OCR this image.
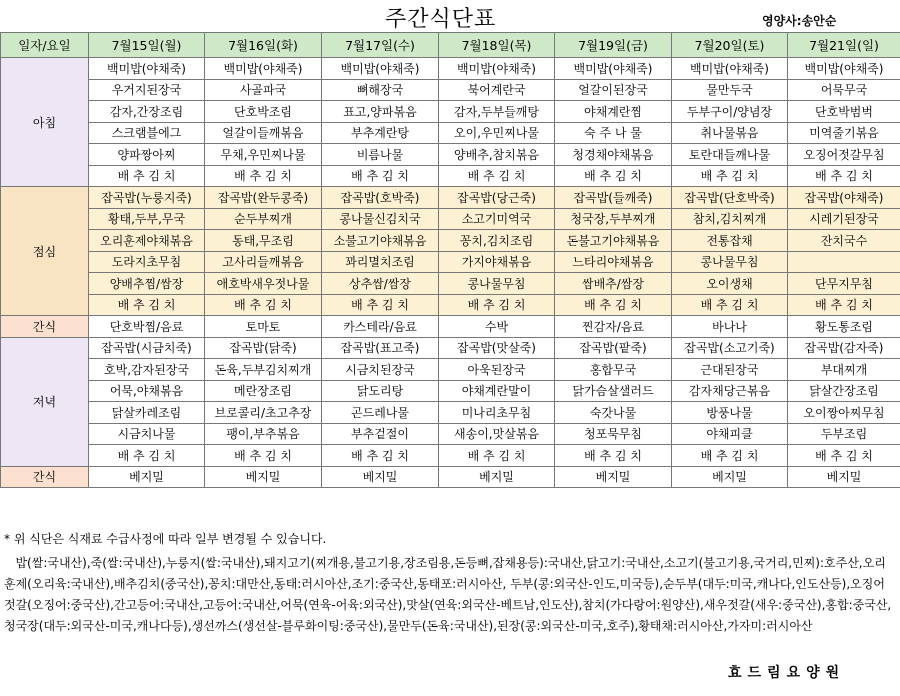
주간식단표	영양사:송안순
일자/요일	7월15일(월)	7월16일(화)	7월17일(수)	7월18일(목)	7월19일(금)	7월20일(토)	7월21일(일)
아침	백미밥(야채죽)	백미밥(야채죽)	백미밥(야채죽)	백미밥(야채죽)	백미밥(야채죽)	백미밥(야채죽)	백미밥(야채죽)
	우거지된장국	사골파국	뼈해장국	북어계란국	얼갈이된장국	물만두국	어묵무국
	감자,간장조림	단호박조림	표고,양파볶음	감자,두부들깨탕	야채계란찜	두부구이/양념장	단호박범벅
	스크램블에그	얼갈이들깨볶음	부추계란탕	오이,우민찌나물	숙 주 나 물	취나물볶음	미역줄기볶음
	양파짱아찌	무채,우민찌나물	비름나물	양배추,참치볶음	청경채야채볶음	토란대들깨나물	오징어젓갈무침
	배 추 김 치	배 추 김 치	배 추 김 치	배 추 김 치	배 추 김 치	배 추 김 치	배 추 김 치
점심	잡곡밥(누룽지죽)	잡곡밥(완두콩죽)	잡곡밥(호박죽)	잡곡밥(당근죽)	잡곡밥(들깨죽)	잡곡밥(단호박죽)	잡곡밥(야채죽)
	황태,두부,무국	순두부찌개	콩나물신김치국	소고기미역국	청국장,두부찌개	참치,김치찌개	시레기된장국
	오리훈제야채볶음	동태,무조림	소불고기야채볶음	꽁치,김치조림	돈불고기야채볶음	전통잡채	잔치국수
	도라지초무침	고사리들깨볶음	꽈리멸치조림	가지야채볶음	느타리야채볶음	콩나물무침	
	양배추찜/쌈장	애호박새우젓나물	상추쌈/쌈장	콩나물무침	쌈배추/쌈장	오이생채	단무지무침
	배 추 김 치	배 추 김 치	배 추 김 치	배 추 김 치	배 추 김 치	배 추 김 치	배 추 김 치
간식	단호박찜/음료	토마토	카스테라/음료	수박	찐감자/음료	바나나	황도통조림
저녁	잡곡밥(시금치죽)	잡곡밥(닭죽)	잡곡밥(표고죽)	잡곡밥(맛살죽)	잡곡밥(팥죽)	잡곡밥(소고기죽)	잡곡밥(감자죽)
	호박,감자된장국	돈육,두부김치찌개	시금치된장국	아욱된장국	홍합무국	근대된장국	부대찌개
	어묵,야채볶음	메란장조림	닭도리탕	야채계란말이	닭가슴살샐러드	감자채당근볶음	닭살간장조림
	닭살카레조림	브로콜리/초고추장	곤드레나물	미나리초무침	숙갓나물	방풍나물	오이짱아찌무침
	시금치나물	팽이,부추볶음	부추겉절이	새송이,맛살볶음	청포묵무침	야채피클	두부조림
	배 추 김 치	배 추 김 치	배 추 김 치	배 추 김 치	배 추 김 치	배 추 김 치	배 추 김 치
간식	베지밀	베지밀	베지밀	베지밀	베지밀	베지밀	베지밀
* 위 식단은 식재료 수급사정에 따라 일부 변경될 수 있습니다.
밥(쌀:국내산),죽(쌀:국내산),누룽지(쌀:국내산),돼지고기(찌개용,불고기용,장조림용,돈등뼈,잡채용등):국내산,닭고기:국내산,소고기(불고기용,국거리,민찌):호주산,오리훈제(오리육:국내산),배추김치(중국산),꽁치:대만산,동태:러시아산,조기:중국산,동태포:러시아산, 두부(콩:외국산-인도,미국등),순두부(대두:미국,캐나다,인도산등),오징어젓갈(오징어:중국산),간고등어:국내산,고등어:국내산,어묵(연육-어육:외국산),맛살(연육:외국산-베트남,인도산),참치(가다랑어:원양산),새우젓갈(새우:중국산),홍합:중국산,청국장(대두:외국산-미국,캐나다등),생선까스(생선살-블루화이팅:중국산),물만두(돈육:국내산),된장(콩:외국산-미국,호주),황태채:러시아산,가자미:러시아산
효드림요양원
